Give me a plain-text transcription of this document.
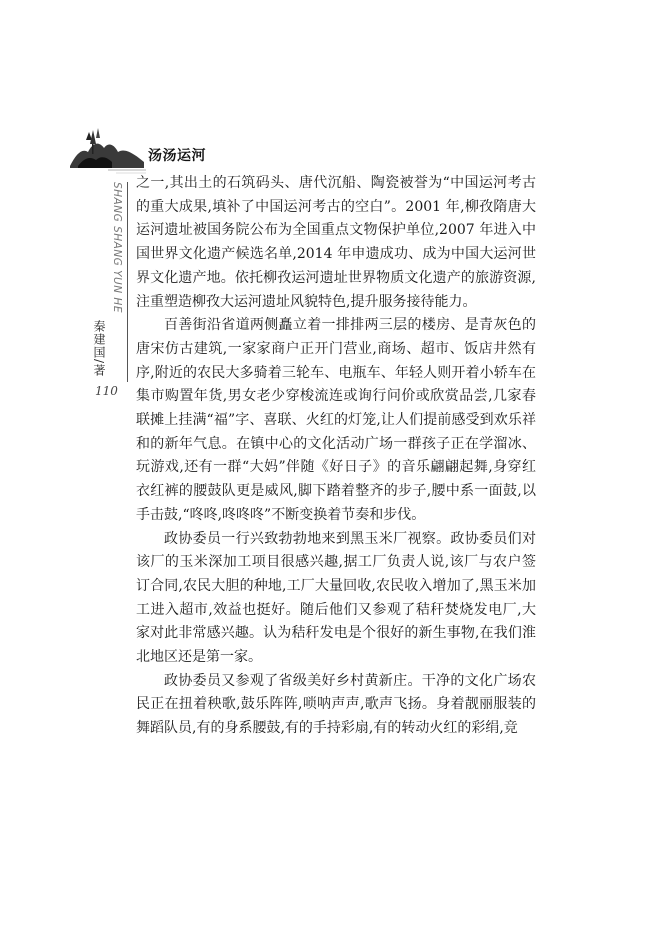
汤汤运河
SHANG SHANG YUN HE
秦建国/著
110

之一,其出土的石筑码头、唐代沉船、陶瓷被誉为“中国运河考古的重大成果,填补了中国运河考古的空白”。2001 年,柳孜隋唐大运河遗址被国务院公布为全国重点文物保护单位,2007 年进入中国世界文化遗产候选名单,2014 年申遗成功、成为中国大运河世界文化遗产地。依托柳孜运河遗址世界物质文化遗产的旅游资源,注重塑造柳孜大运河遗址风貌特色,提升服务接待能力。

百善街沿省道两侧矗立着一排排两三层的楼房、是青灰色的唐宋仿古建筑,一家家商户正开门营业,商场、超市、饭店井然有序,附近的农民大多骑着三轮车、电瓶车、年轻人则开着小轿车在集市购置年货,男女老少穿梭流连或询行问价或欣赏品尝,几家春联摊上挂满“福”字、喜联、火红的灯笼,让人们提前感受到欢乐祥和的新年气息。在镇中心的文化活动广场一群孩子正在学溜冰、玩游戏,还有一群“大妈”伴随《好日子》的音乐翩翩起舞,身穿红衣红裤的腰鼓队更是威风,脚下踏着整齐的步子,腰中系一面鼓,以手击鼓,“咚咚,咚咚咚”不断变换着节奏和步伐。

政协委员一行兴致勃勃地来到黑玉米厂视察。政协委员们对该厂的玉米深加工项目很感兴趣,据工厂负责人说,该厂与农户签订合同,农民大胆的种地,工厂大量回收,农民收入增加了,黑玉米加工进入超市,效益也挺好。随后他们又参观了秸秆焚烧发电厂,大家对此非常感兴趣。认为秸秆发电是个很好的新生事物,在我们淮北地区还是第一家。

政协委员又参观了省级美好乡村黄新庄。干净的文化广场农民正在扭着秧歌,鼓乐阵阵,唢呐声声,歌声飞扬。身着靓丽服装的舞蹈队员,有的身系腰鼓,有的手持彩扇,有的转动火红的彩绢,竞
